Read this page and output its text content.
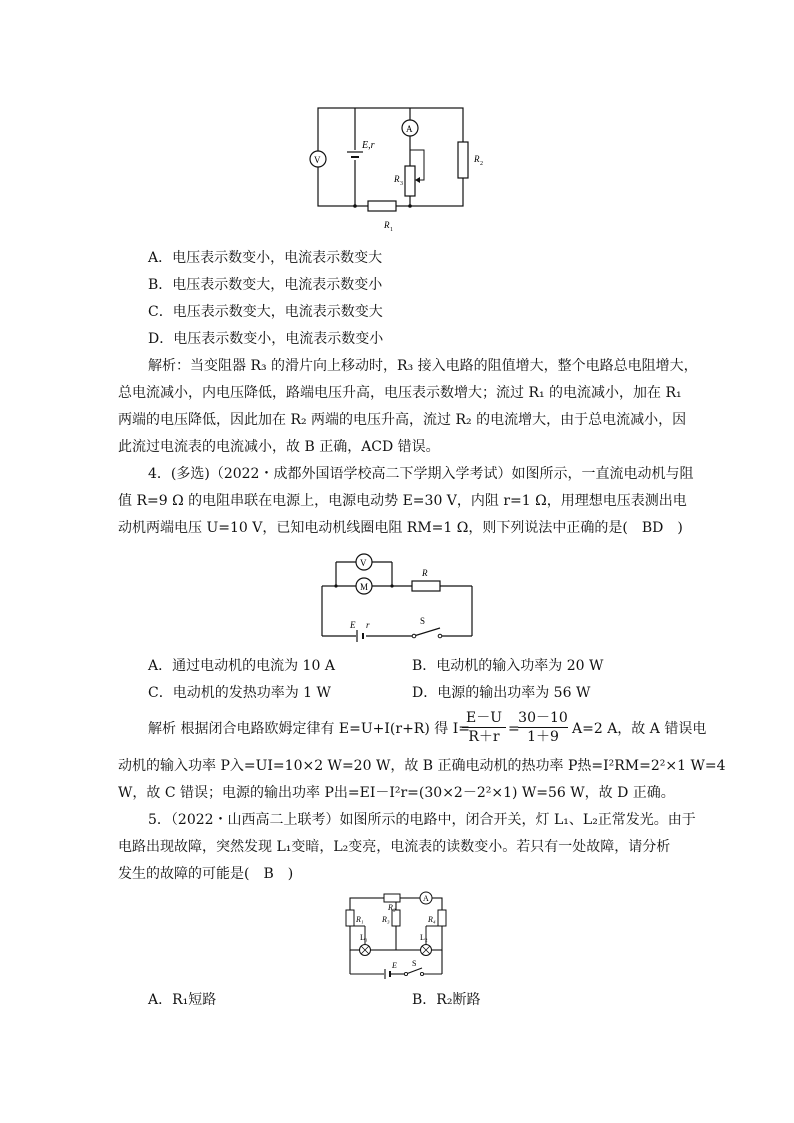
V
A
E,r
R 3
R 2
R 1
A．电压表示数变小，电流表示数变大
B．电压表示数变大，电流表示数变小
C．电压表示数变大，电流表示数变大
D．电压表示数变小，电流表示数变小
解析：当变阻器 R₃ 的滑片向上移动时，R₃ 接入电路的阻值增大，整个电路总电阻增大，
总电流减小，内电压降低，路端电压升高，电压表示数增大；流过 R₁ 的电流减小，加在 R₁
两端的电压降低，因此加在 R₂ 两端的电压升高，流过 R₂ 的电流增大，由于总电流减小，因
此流过电流表的电流减小，故 B 正确，ACD 错误。
4．(多选)（2022・成都外国语学校高二下学期入学考试）如图所示，一直流电动机与阻
值 R=9 Ω 的电阻串联在电源上，电源电动势 E=30 V，内阻 r=1 Ω，用理想电压表测出电
动机两端电压 U=10 V，已知电动机线圈电阻 RM=1 Ω，则下列说法中正确的是(　BD　)
V
M
R
E r	S
A．通过电动机的电流为 10 A	B．电动机的输入功率为 20 W
C．电动机的发热功率为 1 W	D．电源的输出功率为 56 W
解析 根据闭合电路欧姆定律有 E=U+I(r+R) 得 I=
$\frac{E-U}{R+r}$ =
$\frac{30-10}{1+9} A=2$ A，故 A 错误电
动机的输入功率 P入=UI=10×2 W=20 W，故 B 正确电动机的热功率 P热=I²RM=2²×1 W=4
W，故 C 错误；电源的输出功率 P出=EI－I²r=(30×2－2²×1) W=56 W，故 D 正确。
5．（2022・山西高二上联考）如图所示的电路中，闭合开关，灯 L₁、L₂正常发光。由于
电路出现故障，突然发现 L₁变暗，L₂变亮，电流表的读数变小。若只有一处故障，请分析
发生的故障的可能是(　B　)
A
R₂
R₁ R₃	R₄
L₁	L₂
E S
A．R₁短路	B．R₂断路
